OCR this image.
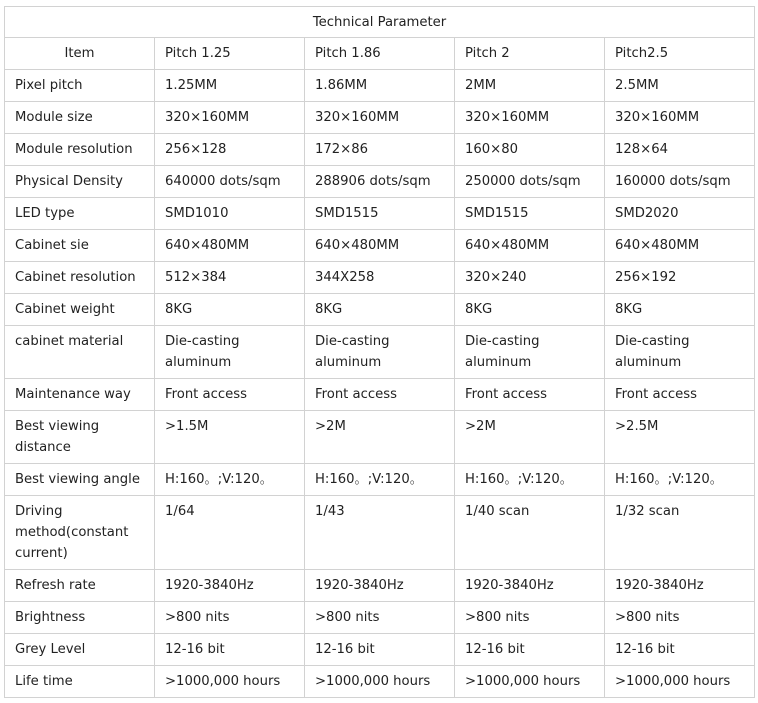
Technical Parameter				
Item	Pitch 1.25	Pitch 1.86	Pitch 2	Pitch2.5
Pixel pitch	1.25MM	1.86MM	2MM	2.5MM
Module size	320×160MM	320×160MM	320×160MM	320×160MM
Module resolution	256×128	172×86	160×80	128×64
Physical Density	640000 dots/sqm	288906 dots/sqm	250000 dots/sqm	160000 dots/sqm
LED type	SMD1010	SMD1515	SMD1515	SMD2020
Cabinet sie	640×480MM	640×480MM	640×480MM	640×480MM
Cabinet resolution	512×384	344X258	320×240	256×192
Cabinet weight	8KG	8KG	8KG	8KG
cabinet material	Die-casting aluminum	Die-casting aluminum	Die-casting aluminum	Die-casting aluminum
Maintenance way	Front access	Front access	Front access	Front access
Best viewing distance	>1.5M	>2M	>2M	>2.5M
Best viewing angle	H:160。;V:120。	H:160。;V:120。	H:160。;V:120。	H:160。;V:120。
Driving method(constant current)	1/64	1/43	1/40 scan	1/32 scan
Refresh rate	1920-3840Hz	1920-3840Hz	1920-3840Hz	1920-3840Hz
Brightness	>800 nits	>800 nits	>800 nits	>800 nits
Grey Level	12-16 bit	12-16 bit	12-16 bit	12-16 bit
Life time	>1000,000 hours	>1000,000 hours	>1000,000 hours	>1000,000 hours
